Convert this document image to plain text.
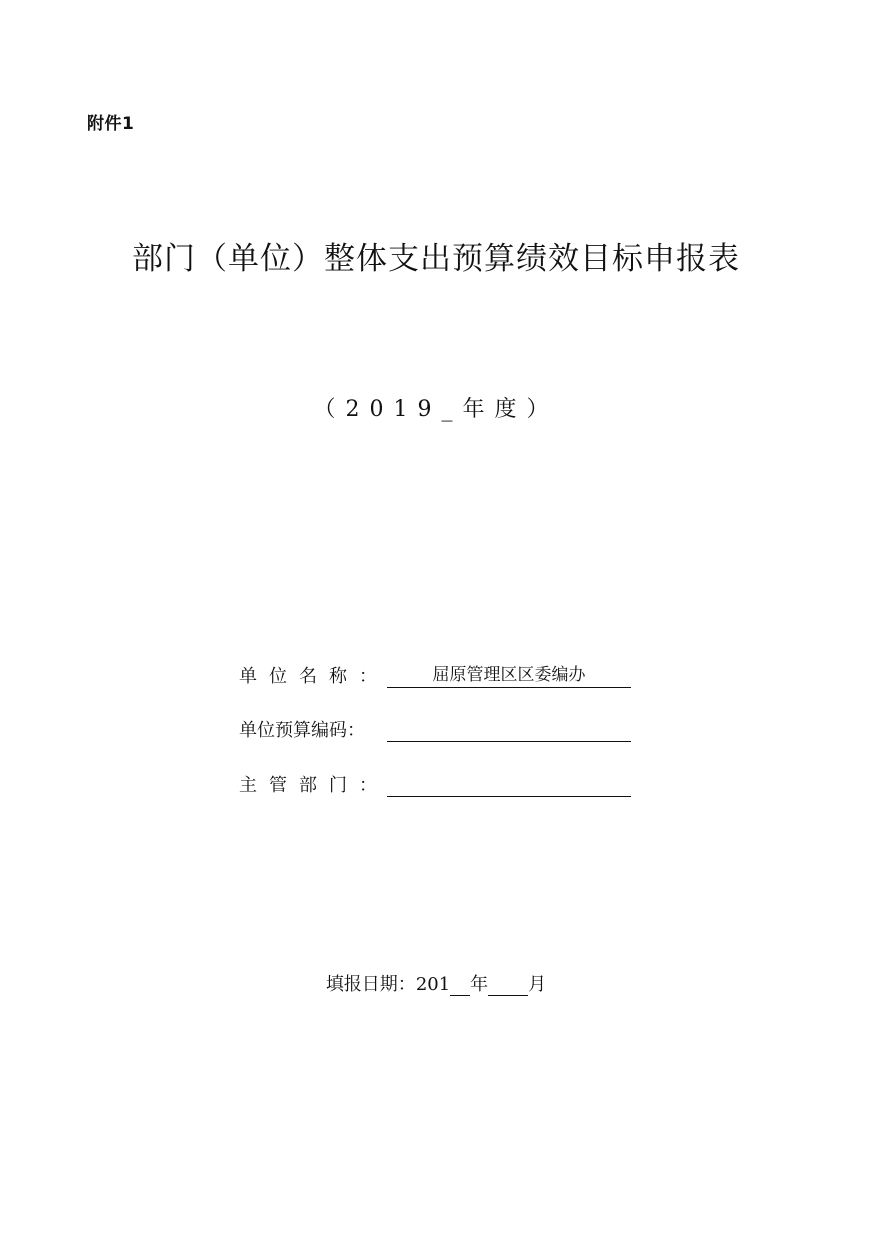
附件1
部门（单位）整体支出预算绩效目标申报表
（2019_年度）
单位名称：	屈原管理区区委编办
单位预算编码：
主管部门：
填报日期：201 年 月
